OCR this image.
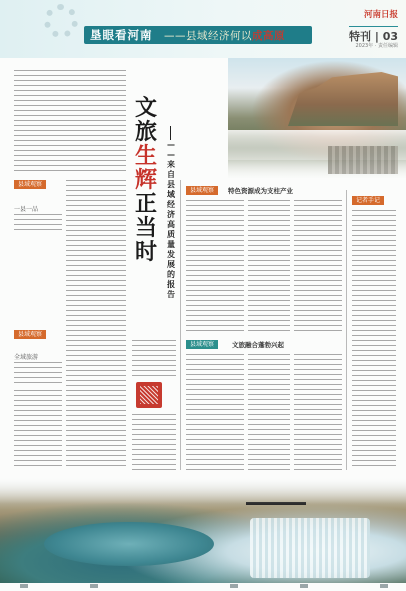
垦眼看河南 ——县域经济何以成高原
河南日报
特刊 | 03
2023年 · 责任编辑
县域观察
一县一品
县域观察
全域旅游
文
旅
生
辉
正
当
时
——来自县域经济高质量发展的报告
县域观察	特色资源成为支柱产业
县域观察	文旅融合蓬勃兴起
记者手记
